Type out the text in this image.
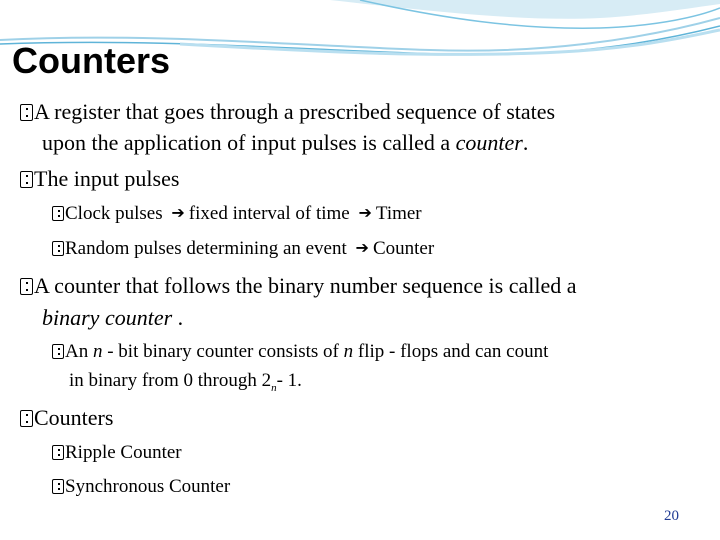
Counters
A register that goes through a prescribed sequence of states
upon the application of input pulses is called a counter.
The input pulses
Clock pulses ➔ fixed interval of time ➔ Timer
Random pulses determining an event ➔ Counter
A counter that follows the binary number sequence is called a
binary counter .
An n - bit binary counter consists of n flip - flops and can count
in binary from 0 through $2_n-$ 1.
Counters
Ripple Counter
Synchronous Counter
20
